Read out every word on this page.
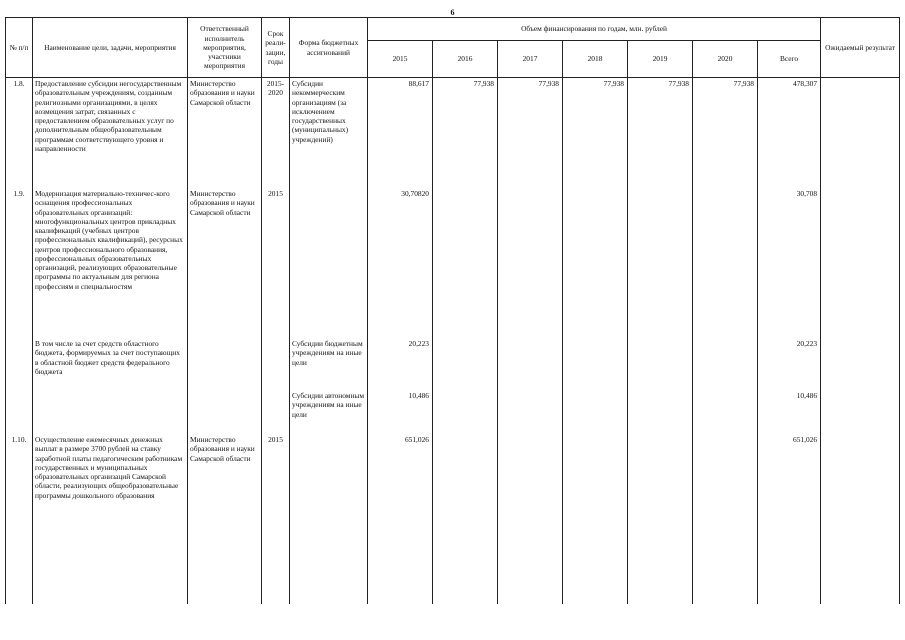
6
№ п/п	Наименование цели, задачи, мероприятия	Ответственный исполнитель мероприятия, участники мероприятия	Срок реали-зации, годы	Форма бюджетных ассигнований	Объем финансирования по годам, млн. рублей							Ожидаемый результат
					2015	2016	2017	2018	2019	2020	Всего	
1.8.	Предоставление субсидии негосударственным образовательным учреждениям, созданным религиозными организациями, в целях возмещения затрат, связанных с предоставлением образовательных услуг по дополнительным общеобразовательным программам соответствующего уровня и направленности	Министерство образования и науки Самарской области	2015-2020	Субсидии некоммерческим организациям (за исключением государственных (муниципальных) учреждений)	88,617	77,938	77,938	77,938	77,938	77,938	478,307	
1.9.	Модернизация материально-техничес-кого оснащения профессиональных образовательных организаций: многофункциональных центров прикладных квалификаций (учебных центров профессиональных квалификаций), ресурсных центров профессионального образования, профессиональных образовательных организаций, реализующих образовательные программы по актуальным для региона профессиям и специальностям	Министерство образования и науки Самарской области	2015		30,70820						30,708	
	В том числе за счет средств областного бюджета, формируемых за счет поступающих в областной бюджет средств федерального бюджета			Субсидии бюджетным учреждениям на иные цели	20,223						20,223	
				Субсидии автономным учреждениям на иные цели	10,486						10,486	
1.10.	Осуществление ежемесячных денежных выплат в размере 3700 рублей на ставку заработной платы педагогическим работникам государственных и муниципальных образовательных организаций Самарской области, реализующих общеобразовательные программы дошкольного образования	Министерство образования и науки Самарской области	2015		651,026						651,026	
